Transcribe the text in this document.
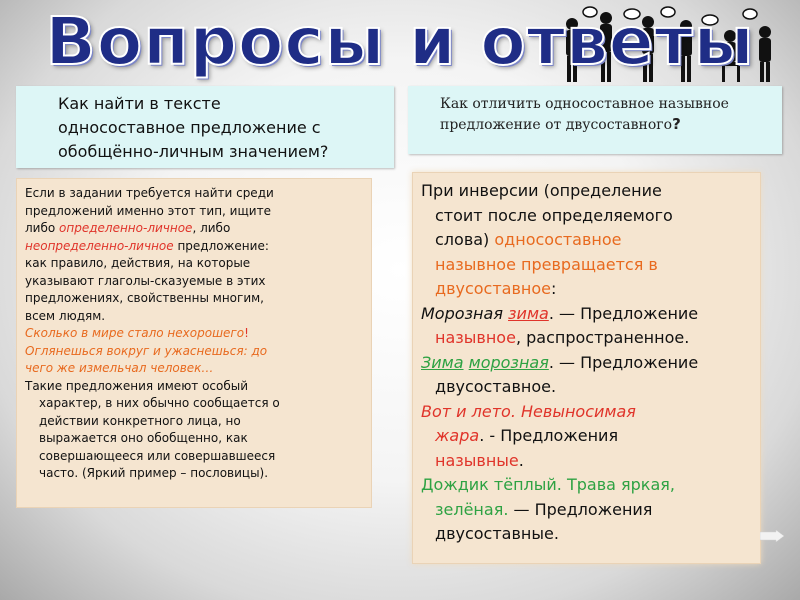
Вопросы и ответы
Как найти в тексте
односоставное предложение с
обобщённо-личным значением?
Как отличить односоставное назывное
предложение от двусоставного?

Если в задании требуется найти среди

предложений именно этот тип, ищите

либо определенно-личное, либо

неопределенно-личное предложение:

как правило, действия, на которые

указывают глаголы-сказуемые в этих

предложениях, свойственны многим,

всем людям.

Сколько в мире стало нехорошего!

Оглянешься вокруг и ужаснешься: до

чего же измельчал человек…

Такие предложения имеют особый

характер, в них обычно сообщается о

действии конкретного лица, но

выражается оно обобщенно, как

совершающееся или совершавшееся

часто. (Яркий пример – пословицы).

При инверсии (определение

стоит после определяемого

слова) односоставное

назывное превращается в

двусоставное:

Морозная зима. — Предложение

назывное, распространенное.

Зима морозная. — Предложение

двусоставное.

Вот и лето. Невыносимая

жара. - Предложения

назывные.

Дождик тёплый. Трава яркая,

зелёная. — Предложения

двусоставные.
